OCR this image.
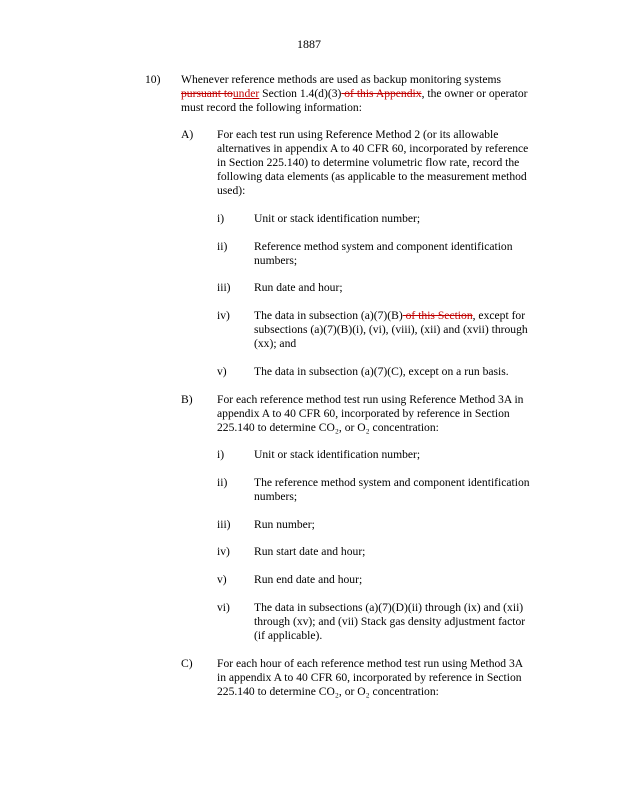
1887
10) Whenever reference methods are used as backup monitoring systems
pursuant tounder Section 1.4(d)(3) of this Appendix, the owner or operator
must record the following information:
A) For each test run using Reference Method 2 (or its allowable
alternatives in appendix A to 40 CFR 60, incorporated by reference
in Section 225.140) to determine volumetric flow rate, record the
following data elements (as applicable to the measurement method
used):
i)	Unit or stack identification number;
ii) Reference method system and component identification
numbers;
iii) Run date and hour;
iv) The data in subsection (a)(7)(B) of this Section, except for
subsections (a)(7)(B)(i), (vi), (viii), (xii) and (xvii) through
(xx); and
v) The data in subsection (a)(7)(C), except on a run basis.
B) For each reference method test run using Reference Method 3A in
appendix A to 40 CFR 60, incorporated by reference in Section
225.140 to determine CO₂, or O₂ concentration:
i)	Unit or stack identification number;
ii) The reference method system and component identification
numbers;
iii) Run number;
iv) Run start date and hour;
v) Run end date and hour;
vi) The data in subsections (a)(7)(D)(ii) through (ix) and (xii)
through (xv); and (vii) Stack gas density adjustment factor
(if applicable).
C) For each hour of each reference method test run using Method 3A
in appendix A to 40 CFR 60, incorporated by reference in Section
225.140 to determine CO₂, or O₂ concentration:
